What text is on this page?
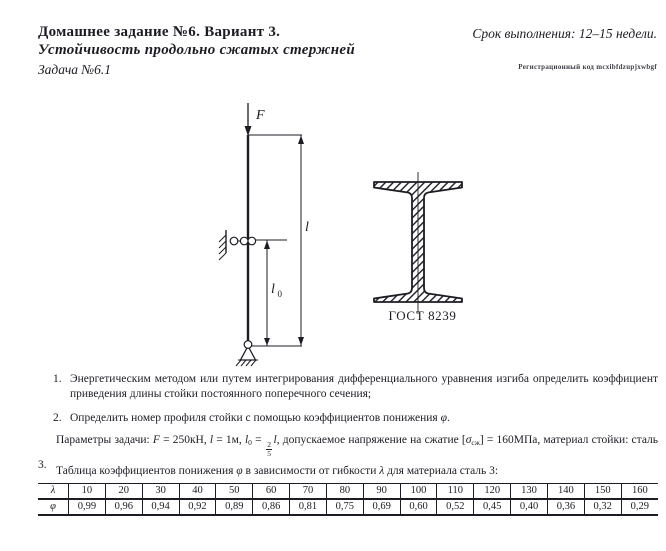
Домашнее задание №6. Вариант 3.
Устойчивость продольно сжатых стержней
Задача №6.1
Срок выполнения: 12–15 недели.
Регистрационный код mcxibfdzupjxwbgf
F
l
l 0
ГОСТ 8239
1. Энергетическим методом или путем интегрирования дифференциального уравнения изгиба определить коэффициент приведения длины стойки постоянного поперечного сечения;
2. Определить номер профиля стойки с помощью коэффициентов понижения φ.
Параметры задачи: F = 250кН, l = 1м, $l_0$ =
$\frac{2}{5}$
l, допускаемое напряжение на сжатие $[\sigma_{сж}] = 160МПа$, материал стойки: сталь 3. Таблица коэффициентов понижения φ в зависимости от гибкости λ для материала сталь 3:
λ	10	20	30	40	50	60	70	80	90	100	110	120	130	140	150	160
φ	0,99	0,96	0,94	0,92	0,89	0,86	0,81	0,75	0,69	0,60	0,52	0,45	0,40	0,36	0,32	0,29
